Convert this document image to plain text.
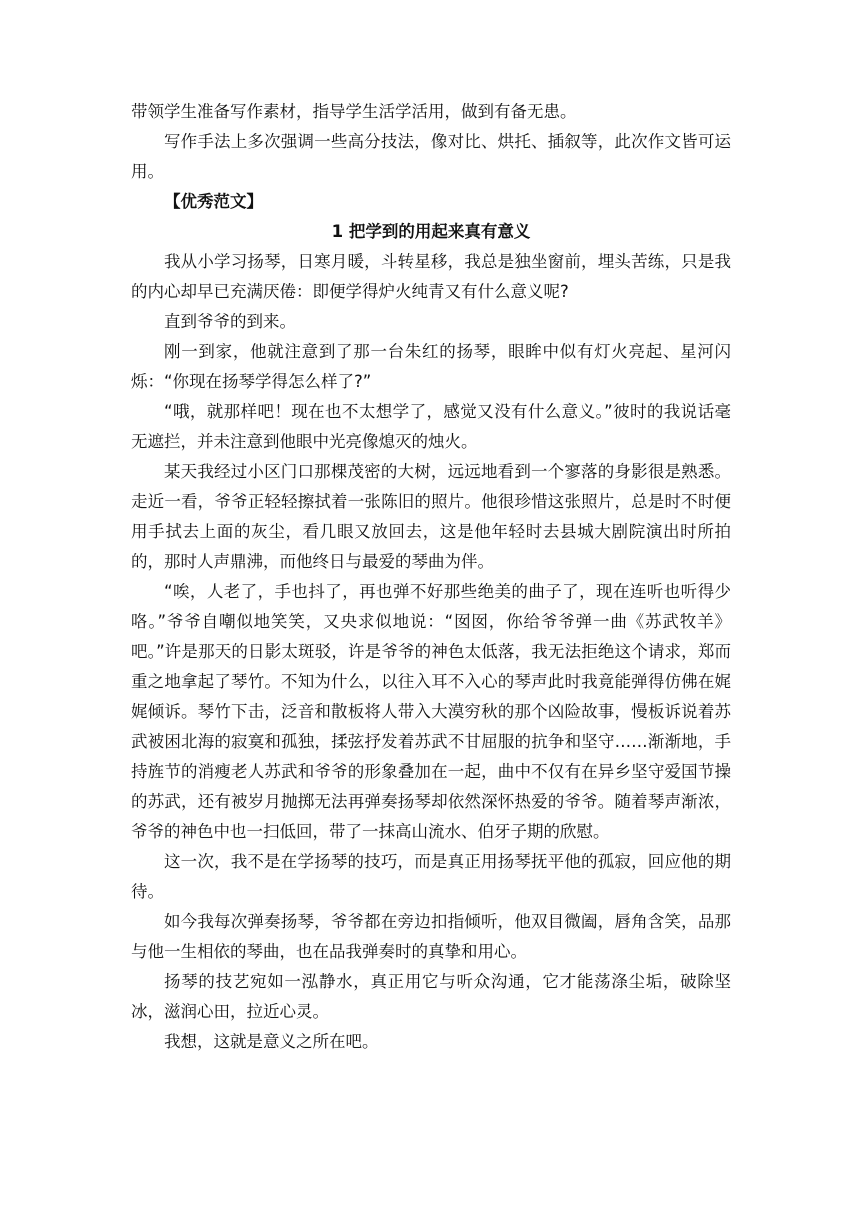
带领学生准备写作素材，指导学生活学活用，做到有备无患。

写作手法上多次强调一些高分技法，像对比、烘托、插叙等，此次作文皆可运用。

【优秀范文】

1 把学到的用起来真有意义

我从小学习扬琴，日寒月暖，斗转星移，我总是独坐窗前，埋头苦练，只是我的内心却早已充满厌倦：即便学得炉火纯青又有什么意义呢?

直到爷爷的到来。

刚一到家，他就注意到了那一台朱红的扬琴，眼眸中似有灯火亮起、星河闪烁：“你现在扬琴学得怎么样了?”

“哦，就那样吧！现在也不太想学了，感觉又没有什么意义。”彼时的我说话毫无遮拦，并未注意到他眼中光亮像熄灭的烛火。

某天我经过小区门口那棵茂密的大树，远远地看到一个寥落的身影很是熟悉。走近一看，爷爷正轻轻擦拭着一张陈旧的照片。他很珍惜这张照片，总是时不时便用手拭去上面的灰尘，看几眼又放回去，这是他年轻时去县城大剧院演出时所拍的，那时人声鼎沸，而他终日与最爱的琴曲为伴。

“唉，人老了，手也抖了，再也弹不好那些绝美的曲子了，现在连听也听得少咯。”爷爷自嘲似地笑笑，又央求似地说：“囡囡，你给爷爷弹一曲《苏武牧羊》吧。”许是那天的日影太斑驳，许是爷爷的神色太低落，我无法拒绝这个请求，郑而重之地拿起了琴竹。不知为什么，以往入耳不入心的琴声此时我竟能弹得仿佛在娓娓倾诉。琴竹下击，泛音和散板将人带入大漠穷秋的那个凶险故事，慢板诉说着苏武被困北海的寂寞和孤独，揉弦抒发着苏武不甘屈服的抗争和坚守……渐渐地，手持旌节的消瘦老人苏武和爷爷的形象叠加在一起，曲中不仅有在异乡坚守爱国节操的苏武，还有被岁月抛掷无法再弹奏扬琴却依然深怀热爱的爷爷。随着琴声渐浓，爷爷的神色中也一扫低回，带了一抹高山流水、伯牙子期的欣慰。

这一次，我不是在学扬琴的技巧，而是真正用扬琴抚平他的孤寂，回应他的期待。

如今我每次弹奏扬琴，爷爷都在旁边扣指倾听，他双目微阖，唇角含笑，品那与他一生相依的琴曲，也在品我弹奏时的真挚和用心。

扬琴的技艺宛如一泓静水，真正用它与听众沟通，它才能荡涤尘垢，破除坚冰，滋润心田，拉近心灵。

我想，这就是意义之所在吧。
